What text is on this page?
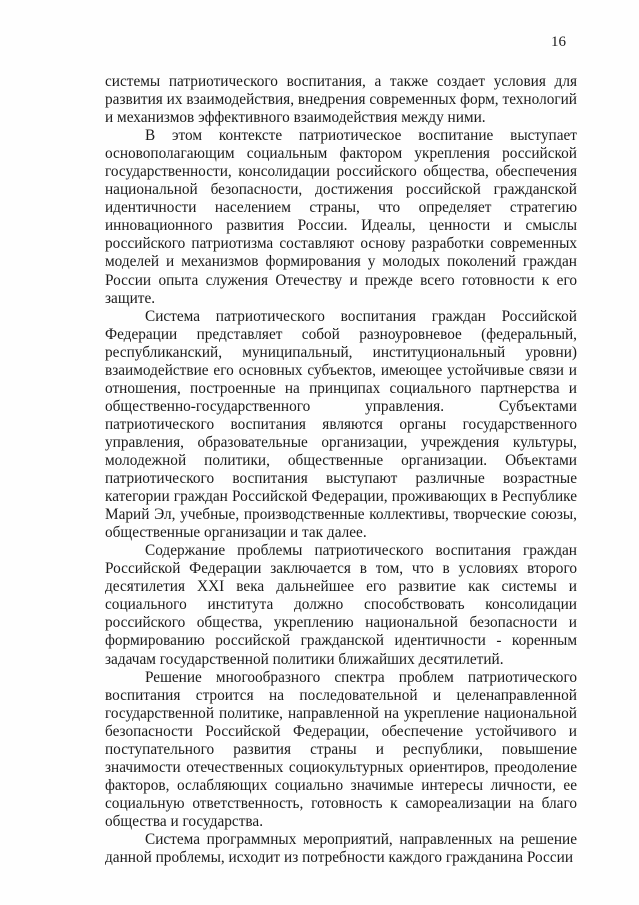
16

системы патриотического воспитания, а также создает условия для развития их взаимодействия, внедрения современных форм, технологий и механизмов эффективного взаимодействия между ними.

В этом контексте патриотическое воспитание выступает основополагающим социальным фактором укрепления российской государственности, консолидации российского общества, обеспечения национальной безопасности, достижения российской гражданской идентичности населением страны, что определяет стратегию инновационного развития России. Идеалы, ценности и смыслы российского патриотизма составляют основу разработки современных моделей и механизмов формирования у молодых поколений граждан России опыта служения Отечеству и прежде всего готовности к его защите.

Система патриотического воспитания граждан Российской Федерации представляет собой разноуровневое (федеральный, республиканский, муниципальный, институциональный уровни) взаимодействие его основных субъектов, имеющее устойчивые связи и отношения, построенные на принципах социального партнерства и общественно-государственного управления. Субъектами патриотического воспитания являются органы государственного управления, образовательные организации, учреждения культуры, молодежной политики, общественные организации. Объектами патриотического воспитания выступают различные возрастные категории граждан Российской Федерации, проживающих в Республике Марий Эл, учебные, производственные коллективы, творческие союзы, общественные организации и так далее.

Содержание проблемы патриотического воспитания граждан Российской Федерации заключается в том, что в условиях второго десятилетия XXI века дальнейшее его развитие как системы и социального института должно способствовать консолидации российского общества, укреплению национальной безопасности и формированию российской гражданской идентичности - коренным задачам государственной политики ближайших десятилетий.

Решение многообразного спектра проблем патриотического воспитания строится на последовательной и целенаправленной государственной политике, направленной на укрепление национальной безопасности Российской Федерации, обеспечение устойчивого и поступательного развития страны и республики, повышение значимости отечественных социокультурных ориентиров, преодоление факторов, ослабляющих социально значимые интересы личности, ее социальную ответственность, готовность к самореализации на благо общества и государства.

Система программных мероприятий, направленных на решение данной проблемы, исходит из потребности каждого гражданина России
